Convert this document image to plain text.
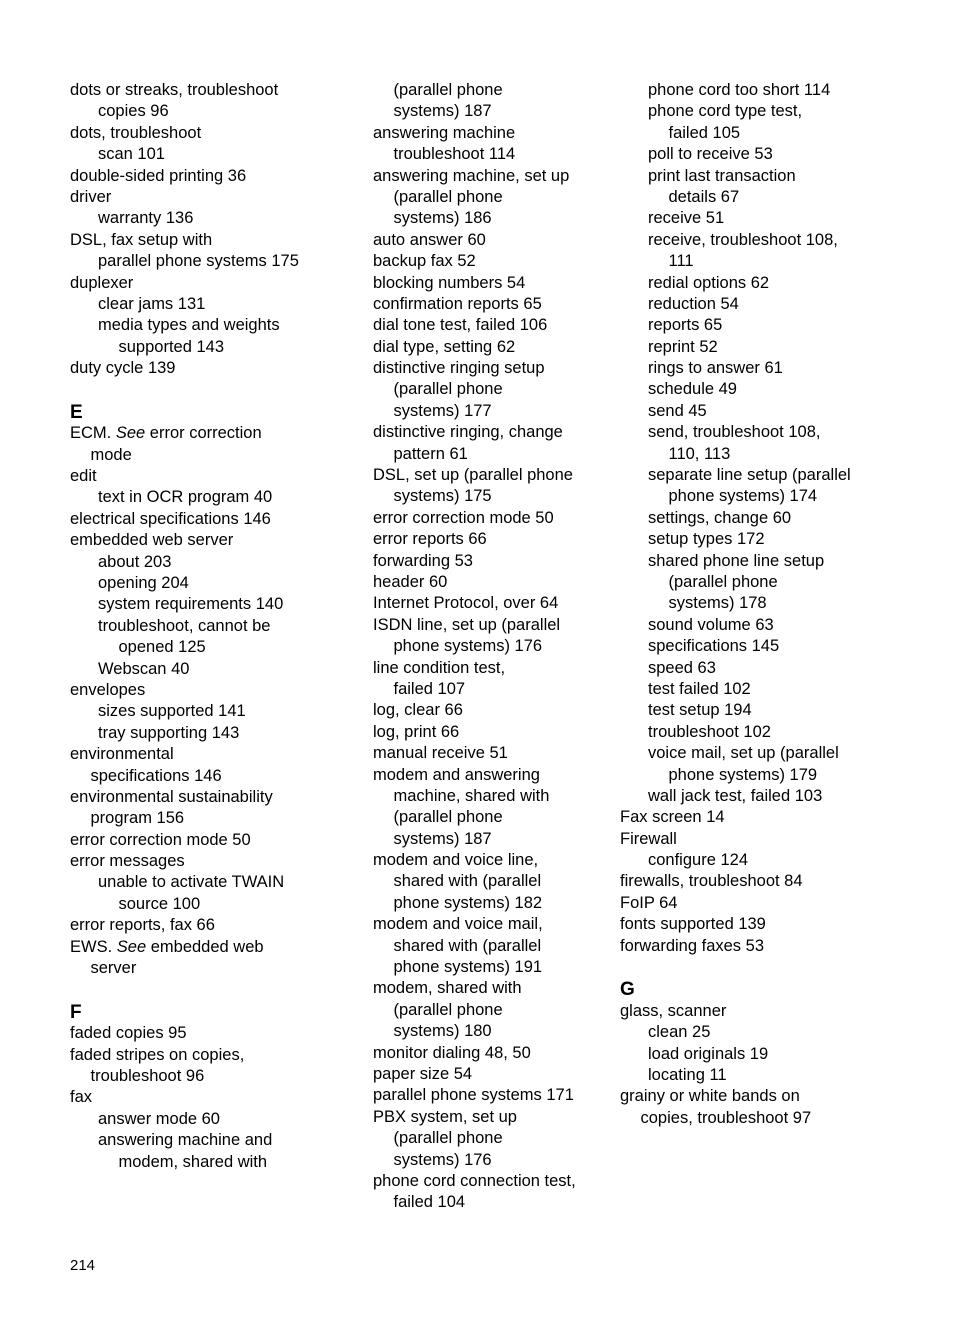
dots or streaks, troubleshoot
copies 96
dots, troubleshoot
scan 101
double-sided printing 36
driver
warranty 136
DSL, fax setup with
parallel phone systems 175
duplexer
clear jams 131
media types and weights
supported 143
duty cycle 139
E
ECM. See error correction
mode
edit
text in OCR program 40
electrical specifications 146
embedded web server
about 203
opening 204
system requirements 140
troubleshoot, cannot be
opened 125
Webscan 40
envelopes
sizes supported 141
tray supporting 143
environmental
specifications 146
environmental sustainability
program 156
error correction mode 50
error messages
unable to activate TWAIN
source 100
error reports, fax 66
EWS. See embedded web
server
F
faded copies 95
faded stripes on copies,
troubleshoot 96
fax
answer mode 60
answering machine and
modem, shared with
(parallel phone
systems) 187
answering machine
troubleshoot 114
answering machine, set up
(parallel phone
systems) 186
auto answer 60
backup fax 52
blocking numbers 54
confirmation reports 65
dial tone test, failed 106
dial type, setting 62
distinctive ringing setup
(parallel phone
systems) 177
distinctive ringing, change
pattern 61
DSL, set up (parallel phone
systems) 175
error correction mode 50
error reports 66
forwarding 53
header 60
Internet Protocol, over 64
ISDN line, set up (parallel
phone systems) 176
line condition test,
failed 107
log, clear 66
log, print 66
manual receive 51
modem and answering
machine, shared with
(parallel phone
systems) 187
modem and voice line,
shared with (parallel
phone systems) 182
modem and voice mail,
shared with (parallel
phone systems) 191
modem, shared with
(parallel phone
systems) 180
monitor dialing 48, 50
paper size 54
parallel phone systems 171
PBX system, set up
(parallel phone
systems) 176
phone cord connection test,
failed 104
phone cord too short 114
phone cord type test,
failed 105
poll to receive 53
print last transaction
details 67
receive 51
receive, troubleshoot 108,
111
redial options 62
reduction 54
reports 65
reprint 52
rings to answer 61
schedule 49
send 45
send, troubleshoot 108,
110, 113
separate line setup (parallel
phone systems) 174
settings, change 60
setup types 172
shared phone line setup
(parallel phone
systems) 178
sound volume 63
specifications 145
speed 63
test failed 102
test setup 194
troubleshoot 102
voice mail, set up (parallel
phone systems) 179
wall jack test, failed 103
Fax screen 14
Firewall
configure 124
firewalls, troubleshoot 84
FoIP 64
fonts supported 139
forwarding faxes 53
G
glass, scanner
clean 25
load originals 19
locating 11
grainy or white bands on
copies, troubleshoot 97
214
